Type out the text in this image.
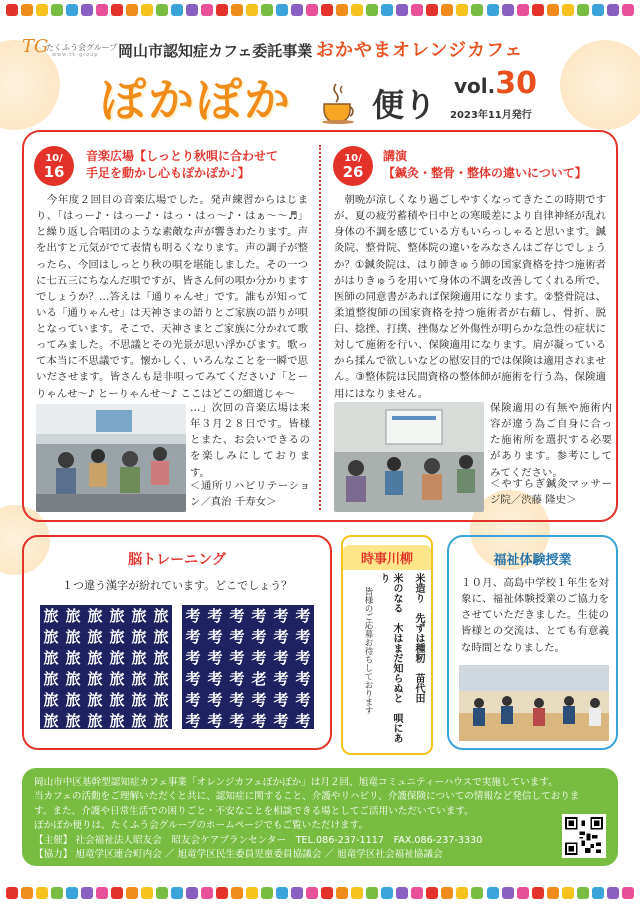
TG
たくふう会グループ
www.tk-group 岡山市認知症カフェ委託事業 おかやまオレンジカフェ
ぽかぽか	便り vol.30
2023年11月発行
10/
16
音楽広場【しっとり秋唄に合わせて
手足を動かし心もぽかぽか♪】
　今年度２回目の音楽広場でした。発声練習からはじまり、「はっー♪・はっー♪・はっ・はっ〜♪・はぁ〜〜♬」と繰り返し合唱団のような素敵な声が響きわたります。声を出すと元気がでて表情も明るくなります。声の調子が整ったら、今回はしっとり秋の唄を堪能しました。その一つに七五三にちなんだ唄ですが、皆さん何の唄か分かりますでしょうか？…答えは「通りゃんせ」です。誰もが知っている「通りゃんせ」は天神さまの語りとご家族の語りが唄となっています。そこで、天神さまとご家族に分かれて歌ってみました。不思議とその光景が思い浮かびます。歌って本当に不思議です。懐かしく、いろんなことを一瞬で思いださせます。皆さんも是非唄ってみてください♪「とーりゃんせ〜♪ とーりゃんせ〜♪ ここはどこの細道じゃ〜
…」次回の音楽広場は来年３月２８日です。皆様とまた、お会いできるのを楽しみにしております。
＜通所リハビリテーション／真治 千寿女＞
10/
26
講演
【鍼灸・整骨・整体の違いについて】
　朝晩が涼しくなり過ごしやすくなってきたこの時期ですが、夏の疲労蓄積や日中との寒暖差により自律神経が乱れ身体の不調を感じている方もいらっしゃると思います。鍼灸院、整骨院、整体院の違いをみなさんはご存じでしょうか？①鍼灸院は、はり師きゅう師の国家資格を持つ施術者がはりきゅうを用いて身体の不調を改善してくれる所で、医師の同意書があれば保険適用になります。②整骨院は、柔道整復師の国家資格を持つ施術者が右藉し、骨折、脱臼、捻挫、打撲、挫傷など外傷性が明らかな急性の症状に対して施術を行い、保険適用になります。肩が凝っているから揉んで欲しいなどの慰安目的では保険は適用されません。③整体院は民間資格の整体師が施術を行う為、保険適用にはなりません。
保険適用の有無や施術内容が違う為ご自身に合った施術所を選択する必要があります。参考にしてみてください。
＜やすらぎ鍼灸マッサージ院／渋藤 隆史＞
脳トレーニング
１つ違う漢字が紛れています。どこでしょう？
旅 旅 旅 旅 旅 旅
旅 旅 旅 旅 旅 旅
旅 旅 旅 旅 旅 旅
旅 旅 旅 旅 旅 旅
旅 旅 旅 旅 旅 旅
旅 旅 旅 旅 旅 旅
考 考 考 考 考 考
考 考 考 考 考 考
考 考 考 考 考 考
考 考 考 老 考 考
考 考 考 考 考 考
考 考 考 考 考 考
時事川柳
米造り　先ずは種籾　苗代田
米のなる　木はまだ知らぬと　唄にあり
皆様のご応募お待ちしております
福祉体験授業
１０月、高島中学校１年生を対象に、福祉体験授業のご協力をさせていただきました。生徒の皆様との交流は、とても有意義な時間となりました。

岡山市中区基幹型認知症カフェ事業「オレンジカフェぽかぽか」は月２回、旭竜コミュニティーハウスで実施しています。

当カフェの活動をご理解いただくと共に、認知症に関すること、介護やリハビリ、介護保険についての情報など発信しておりま

す。また、介護や日常生活での困りごと・不安なことを相談できる場としてご活用いただいています。

ぽかぽか便りは、たくふう会グループのホームページでもご覧いただけます。

【主催】 社会福祉法人昭友会　昭友会ケアプランセンター　TEL.086-237-1117　FAX.086-237-3330

【協力】 旭竜学区連合町内会 ／ 旭竜学区民生委員児童委員協議会 ／ 旭竜学区社会福祉協議会
